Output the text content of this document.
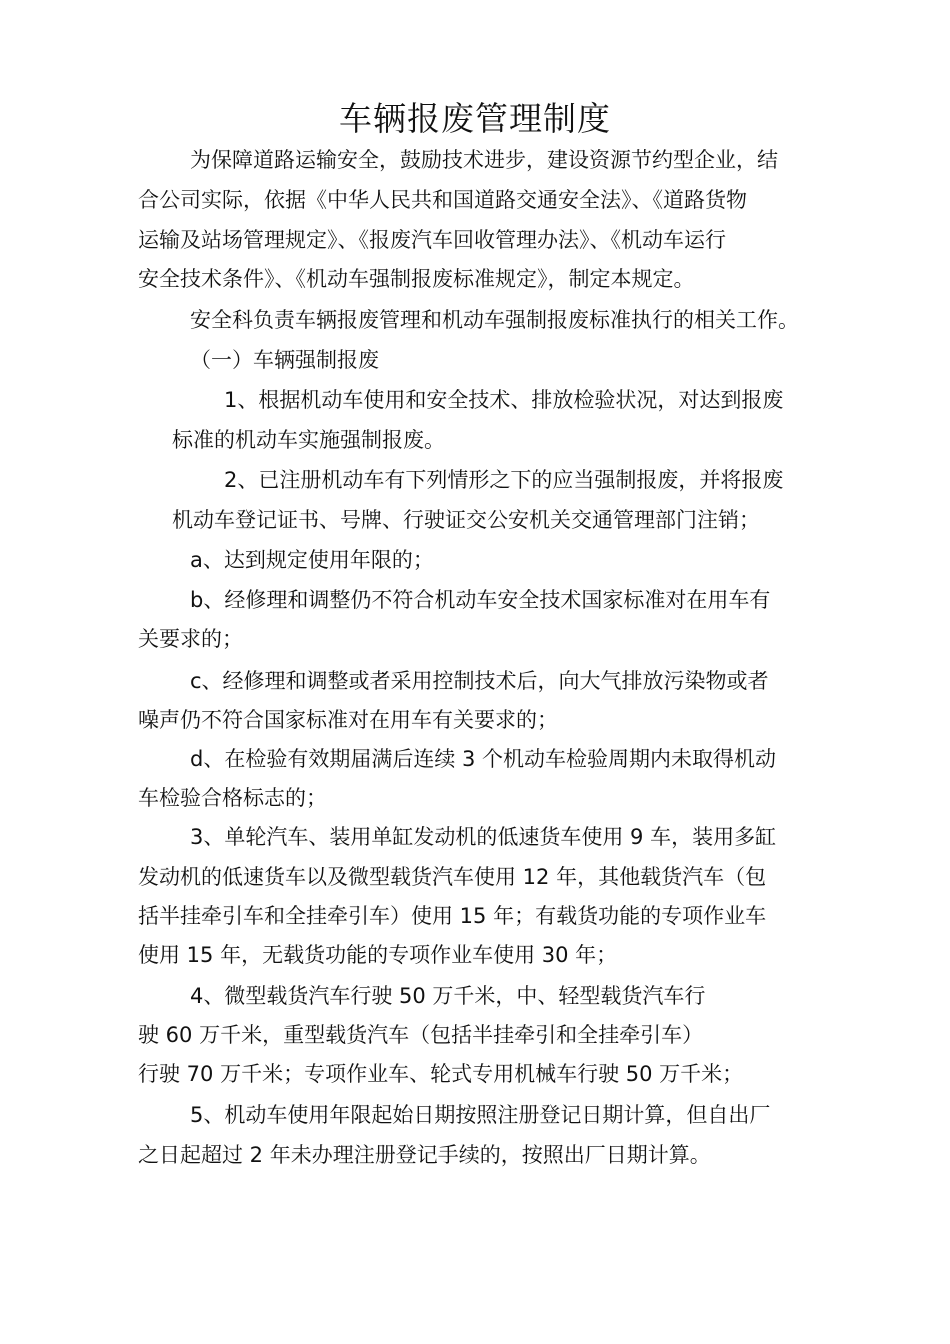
车辆报废管理制度
为保障道路运输安全，鼓励技术进步，建设资源节约型企业，结
合公司实际，依据《中华人民共和国道路交通安全法》、《道路货物
运输及站场管理规定》、《报废汽车回收管理办法》、《机动车运行
安全技术条件》、《机动车强制报废标准规定》，制定本规定。
安全科负责车辆报废管理和机动车强制报废标准执行的相关工作。
（一）车辆强制报废
1、根据机动车使用和安全技术、排放检验状况，对达到报废
标准的机动车实施强制报废。
2、已注册机动车有下列情形之下的应当强制报废，并将报废
机动车登记证书、号牌、行驶证交公安机关交通管理部门注销；
a、达到规定使用年限的；
b、经修理和调整仍不符合机动车安全技术国家标准对在用车有
关要求的；
c、经修理和调整或者采用控制技术后，向大气排放污染物或者
噪声仍不符合国家标准对在用车有关要求的；
d、在检验有效期届满后连续 3 个机动车检验周期内未取得机动
车检验合格标志的；
3、单轮汽车、装用单缸发动机的低速货车使用 9 车，装用多缸
发动机的低速货车以及微型载货汽车使用 12 年，其他载货汽车（包
括半挂牵引车和全挂牵引车）使用 15 年；有载货功能的专项作业车
使用 15 年，无载货功能的专项作业车使用 30 年；
4、微型载货汽车行驶 50 万千米，中、轻型载货汽车行
驶 60 万千米，重型载货汽车（包括半挂牵引和全挂牵引车）
行驶 70 万千米；专项作业车、轮式专用机械车行驶 50 万千米；
5、机动车使用年限起始日期按照注册登记日期计算，但自出厂
之日起超过 2 年未办理注册登记手续的，按照出厂日期计算。
